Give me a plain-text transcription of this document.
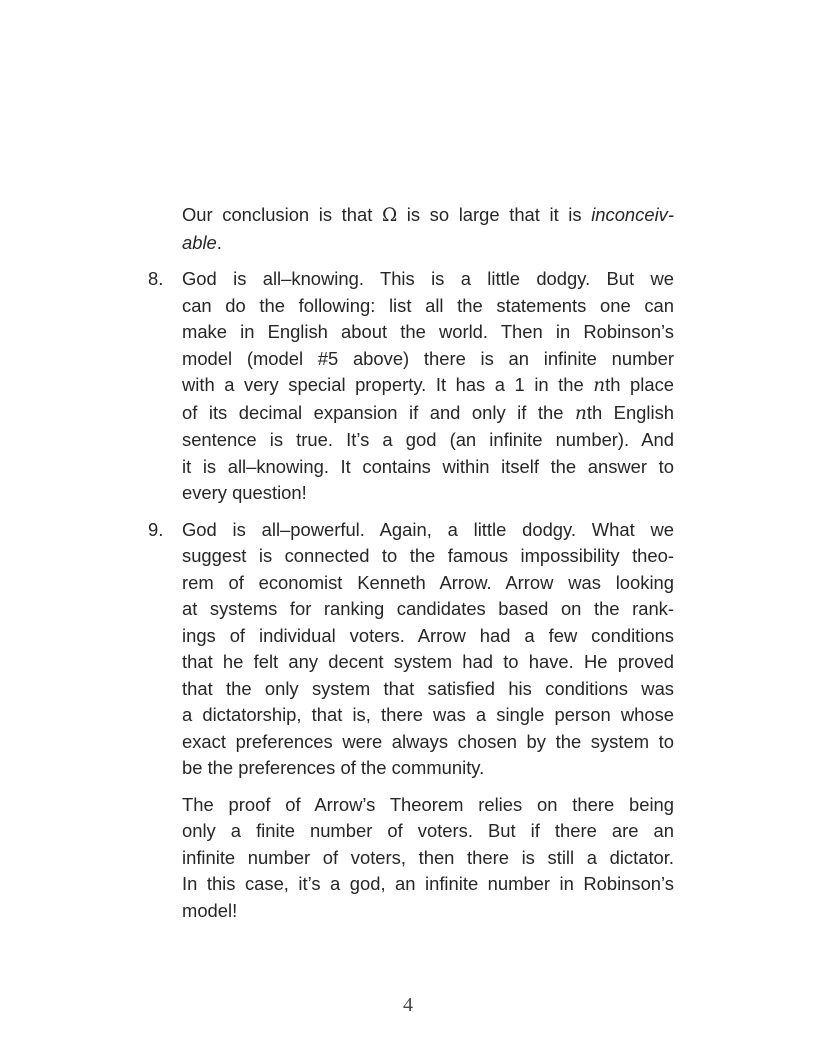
Our conclusion is that Ω is so large that it is inconceiv-
able.
8.	God is all–knowing. This is a little dodgy. But we
can do the following: list all the statements one can
make in English about the world. Then in Robinson’s
model (model #5 above) there is an infinite number
with a very special property. It has a 1 in the nth place
of its decimal expansion if and only if the nth English
sentence is true. It’s a god (an infinite number). And
it is all–knowing. It contains within itself the answer to
every question!
9.	God is all–powerful. Again, a little dodgy. What we
suggest is connected to the famous impossibility theo-
rem of economist Kenneth Arrow. Arrow was looking
at systems for ranking candidates based on the rank-
ings of individual voters. Arrow had a few conditions
that he felt any decent system had to have. He proved
that the only system that satisfied his conditions was
a dictatorship, that is, there was a single person whose
exact preferences were always chosen by the system to
be the preferences of the community.
The proof of Arrow’s Theorem relies on there being
only a finite number of voters. But if there are an
infinite number of voters, then there is still a dictator.
In this case, it’s a god, an infinite number in Robinson’s
model!
4
